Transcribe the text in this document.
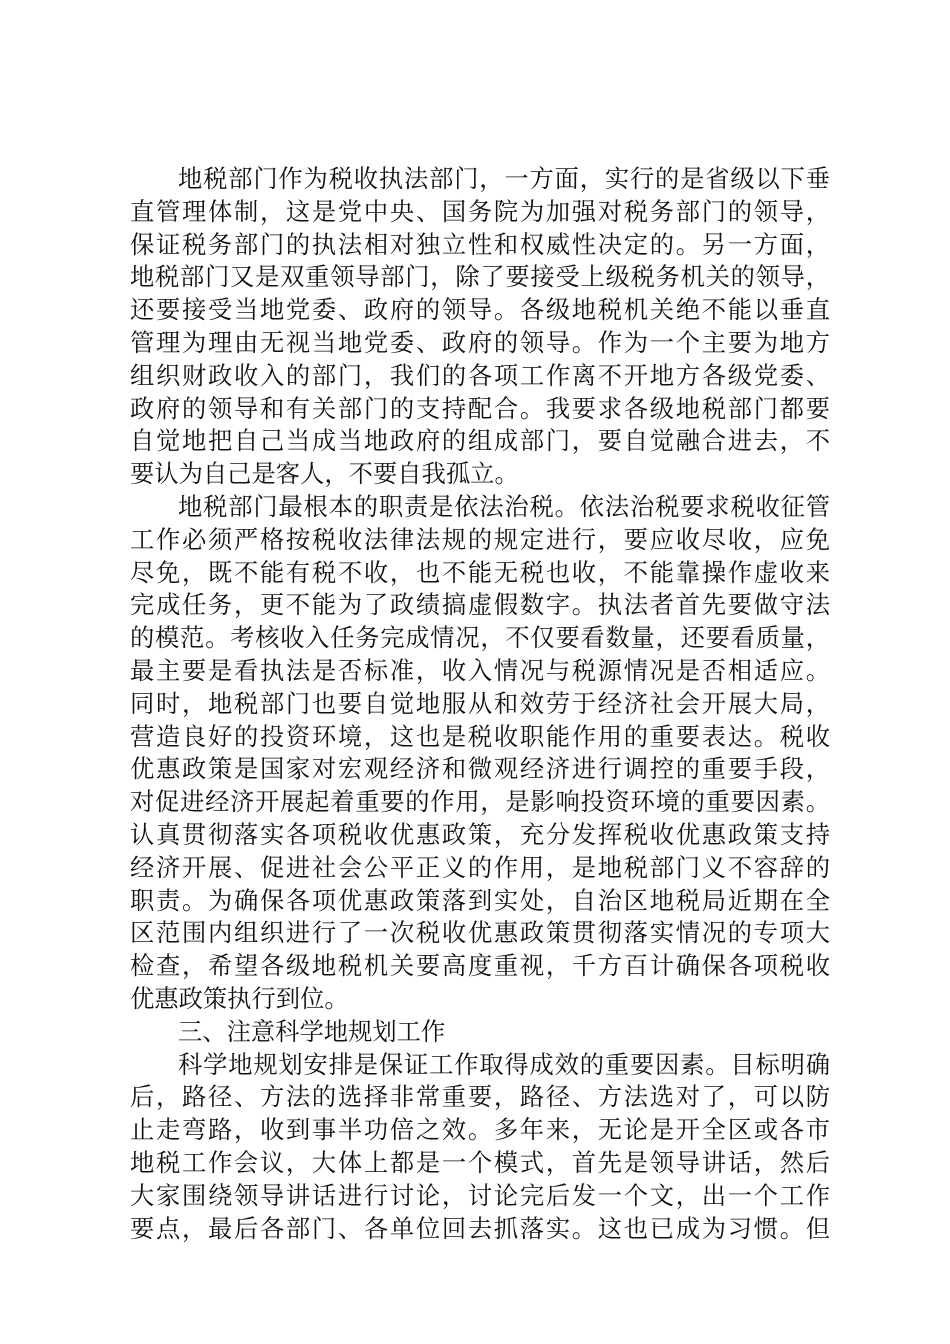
地税部门作为税收执法部门，一方面，实行的是省级以下垂
直管理体制，这是党中央、国务院为加强对税务部门的领导，
保证税务部门的执法相对独立性和权威性决定的。另一方面，
地税部门又是双重领导部门，除了要接受上级税务机关的领导，
还要接受当地党委、政府的领导。各级地税机关绝不能以垂直
管理为理由无视当地党委、政府的领导。作为一个主要为地方
组织财政收入的部门，我们的各项工作离不开地方各级党委、
政府的领导和有关部门的支持配合。我要求各级地税部门都要
自觉地把自己当成当地政府的组成部门，要自觉融合进去，不
要认为自己是客人，不要自我孤立。
地税部门最根本的职责是依法治税。依法治税要求税收征管
工作必须严格按税收法律法规的规定进行，要应收尽收，应免
尽免，既不能有税不收，也不能无税也收，不能靠操作虚收来
完成任务，更不能为了政绩搞虚假数字。执法者首先要做守法
的模范。考核收入任务完成情况，不仅要看数量，还要看质量，
最主要是看执法是否标准，收入情况与税源情况是否相适应。
同时，地税部门也要自觉地服从和效劳于经济社会开展大局，
营造良好的投资环境，这也是税收职能作用的重要表达。税收
优惠政策是国家对宏观经济和微观经济进行调控的重要手段，
对促进经济开展起着重要的作用，是影响投资环境的重要因素。
认真贯彻落实各项税收优惠政策，充分发挥税收优惠政策支持
经济开展、促进社会公平正义的作用，是地税部门义不容辞的
职责。为确保各项优惠政策落到实处，自治区地税局近期在全
区范围内组织进行了一次税收优惠政策贯彻落实情况的专项大
检查，希望各级地税机关要高度重视，千方百计确保各项税收
优惠政策执行到位。
三、注意科学地规划工作
科学地规划安排是保证工作取得成效的重要因素。目标明确
后，路径、方法的选择非常重要，路径、方法选对了，可以防
止走弯路，收到事半功倍之效。多年来，无论是开全区或各市
地税工作会议，大体上都是一个模式，首先是领导讲话，然后
大家围绕领导讲话进行讨论，讨论完后发一个文，出一个工作
要点，最后各部门、各单位回去抓落实。这也已成为习惯。但
